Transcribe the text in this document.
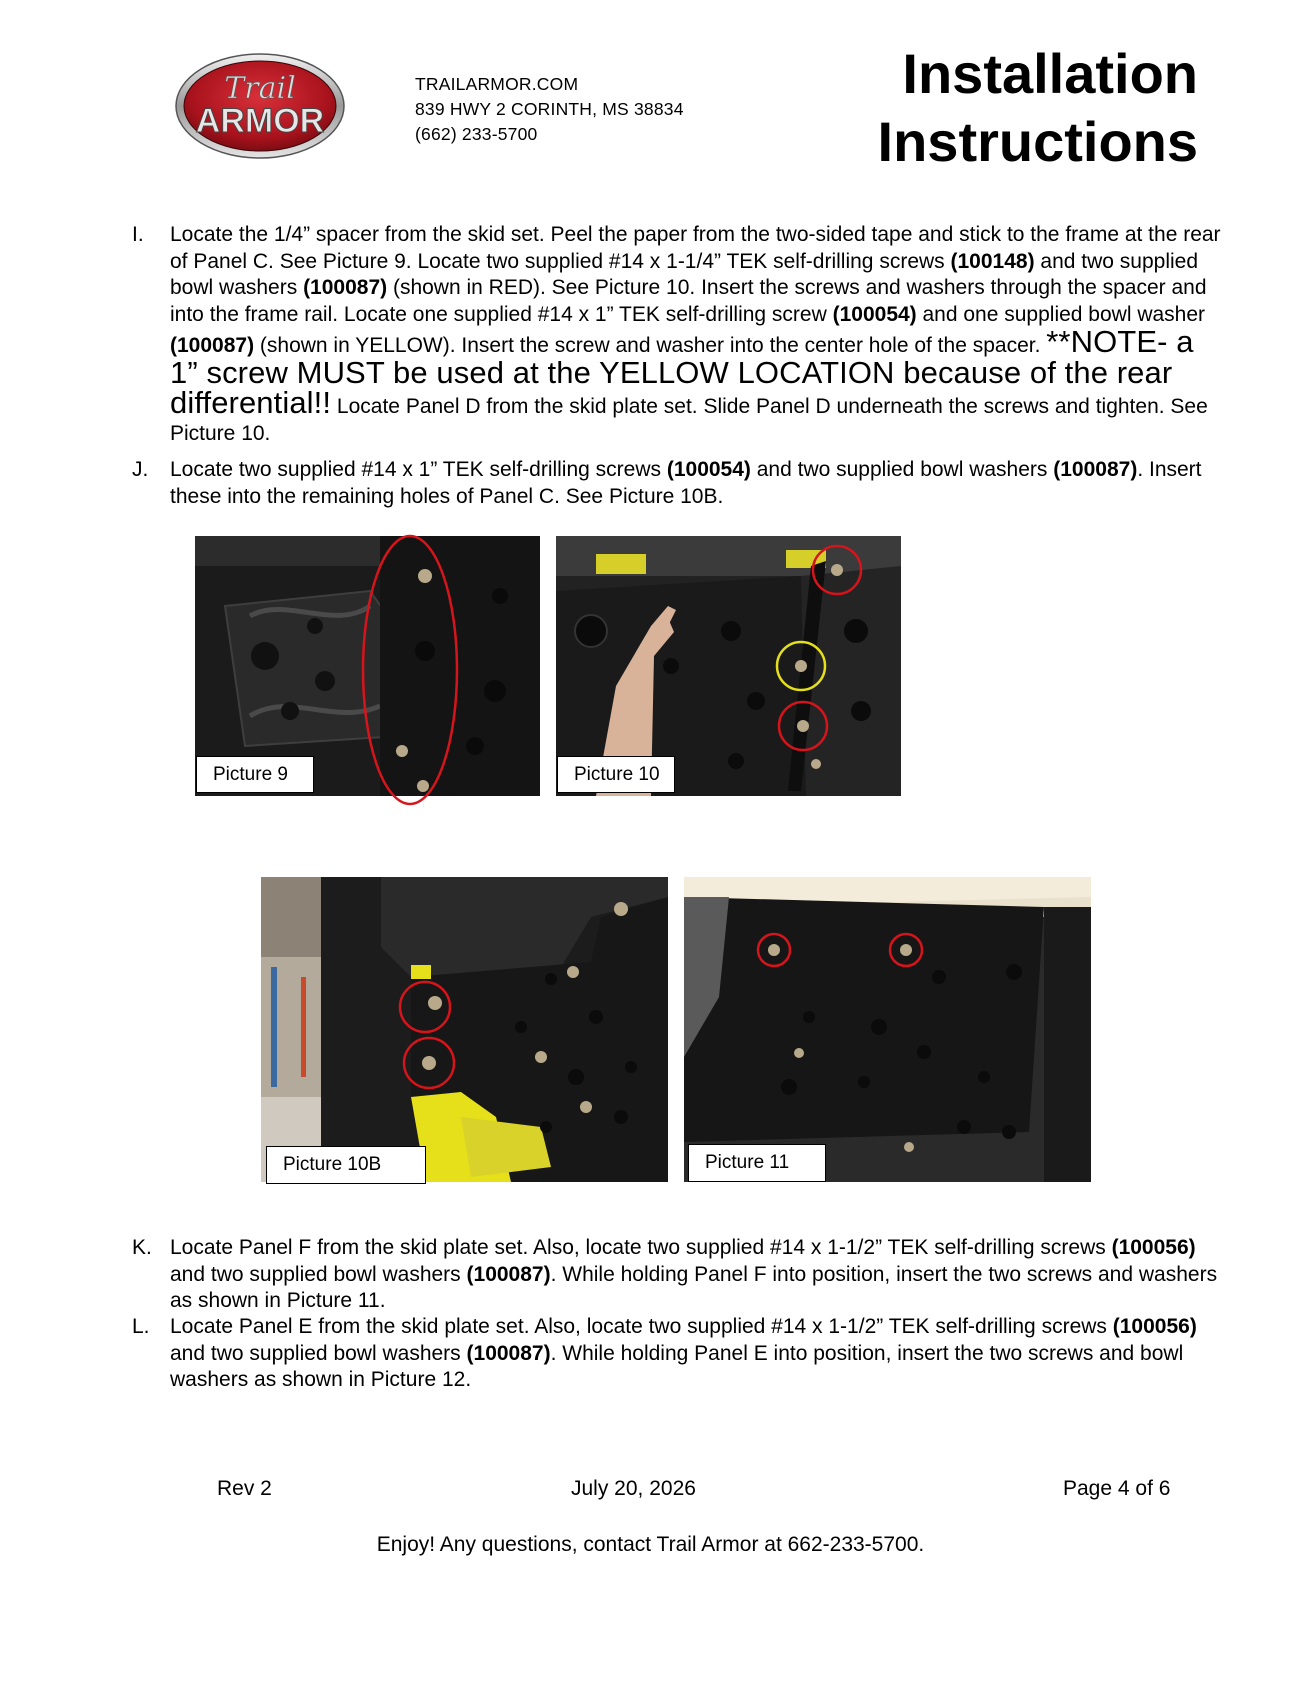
Trail
ARMOR
TRAILARMOR.COM
839 HWY 2 CORINTH, MS 38834
(662) 233-5700
Installation
Instructions
I. Locate the 1/4” spacer from the skid set. Peel the paper from the two-sided tape and stick to the frame at the rear of Panel C. See Picture 9. Locate two supplied #14 x 1-1/4” TEK self-drilling screws (100148) and two supplied bowl washers (100087) (shown in RED). See Picture 10. Insert the screws and washers through the spacer and into the frame rail. Locate one supplied #14 x 1” TEK self-drilling screw (100054) and one supplied bowl washer (100087) (shown in YELLOW). Insert the screw and washer into the center hole of the spacer. **NOTE- a 1” screw MUST be used at the YELLOW LOCATION because of the rear differential!! Locate Panel D from the skid plate set. Slide Panel D underneath the screws and tighten. See Picture 10.
J. Locate two supplied #14 x 1” TEK self-drilling screws (100054) and two supplied bowl washers (100087). Insert these into the remaining holes of Panel C. See Picture 10B.
Picture 9	Picture 10
Picture 10B	Picture 11
K. Locate Panel F from the skid plate set. Also, locate two supplied #14 x 1-1/2” TEK self-drilling screws (100056) and two supplied bowl washers (100087). While holding Panel F into position, insert the two screws and washers as shown in Picture 11.
L. Locate Panel E from the skid plate set. Also, locate two supplied #14 x 1-1/2” TEK self-drilling screws (100056) and two supplied bowl washers (100087). While holding Panel E into position, insert the two screws and bowl washers as shown in Picture 12.
Rev 2	July 20, 2026	Page 4 of 6
Enjoy! Any questions, contact Trail Armor at 662-233-5700.
